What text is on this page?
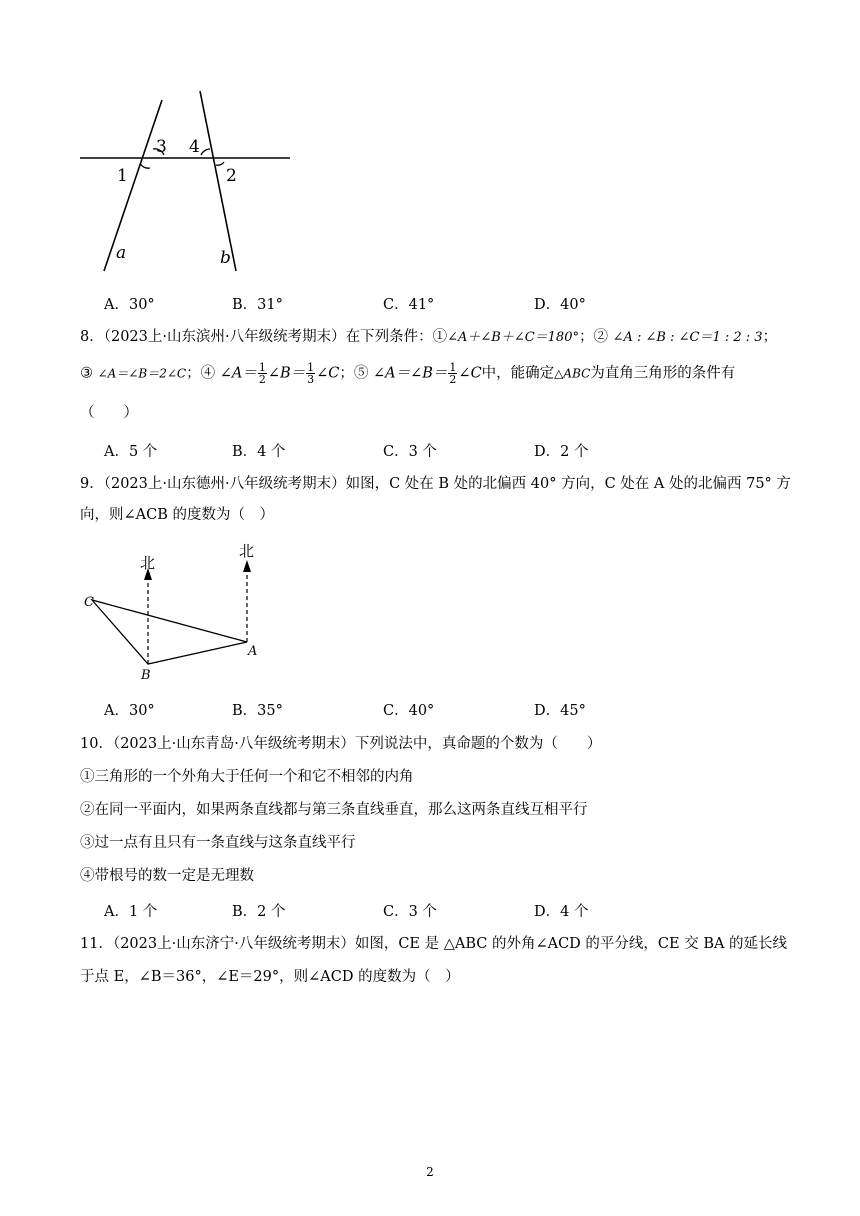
3 4
1	2
a	b
A．30°	B．31°	C．41°	D．40°
8．（2023上·山东滨州·八年级统考期末）在下列条件：①∠A＋∠B＋∠C＝180°；② ∠A : ∠B : ∠C＝1 : 2 : 3；
③ ∠A＝∠B＝2∠C；④ ∠A＝ $\frac{1}{2}$ ∠B＝ $\frac{1}{3}$ ∠C；⑤ ∠A＝∠B＝ $\frac{1}{2}$ ∠C中，能确定△ABC为直角三角形的条件有
（　　）
A．5 个	B．4 个	C．3 个	D．2 个
9．（2023上·山东德州·八年级统考期末）如图，C 处在 B 处的北偏西 40° 方向，C 处在 A 处的北偏西 75° 方
向，则∠ACB 的度数为（　）
北
北
C
B
A
A．30°	B．35°	C．40°	D．45°
10．（2023上·山东青岛·八年级统考期末）下列说法中，真命题的个数为（　　）
①三角形的一个外角大于任何一个和它不相邻的内角
②在同一平面内，如果两条直线都与第三条直线垂直，那么这两条直线互相平行
③过一点有且只有一条直线与这条直线平行
④带根号的数一定是无理数
A．1 个	B．2 个	C．3 个	D．4 个
11．（2023上·山东济宁·八年级统考期末）如图，CE 是 △ABC 的外角∠ACD 的平分线，CE 交 BA 的延长线
于点 E，∠B＝36°，∠E＝29°，则∠ACD 的度数为（　）
2
